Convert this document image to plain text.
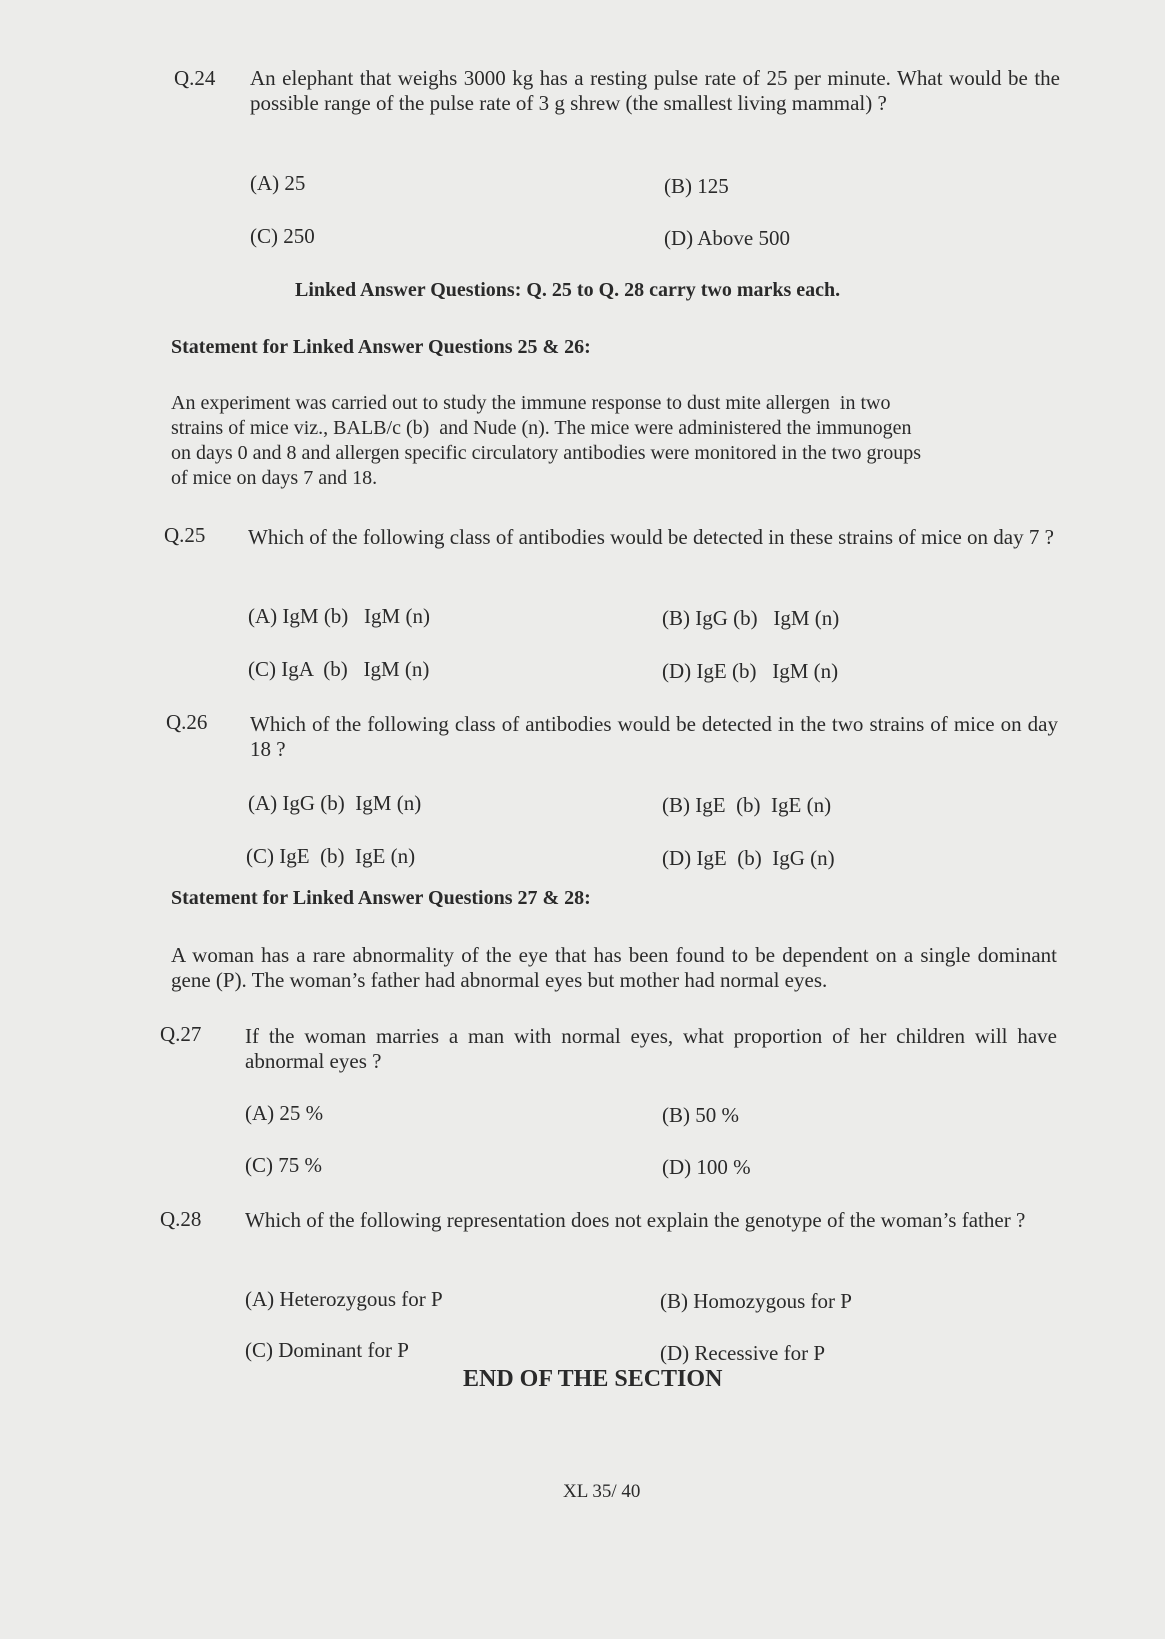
Q.24 An elephant that weighs 3000 kg has a resting pulse rate of 25 per minute. What would be the possible range of the pulse rate of 3 g shrew (the smallest living mammal) ?
(A) 25	(B) 125
(C) 250	(D) Above 500
Linked Answer Questions: Q. 25 to Q. 28 carry two marks each.
Statement for Linked Answer Questions 25 & 26:
An experiment was carried out to study the immune response to dust mite allergen  in two
strains of mice viz., BALB/c (b)  and Nude (n). The mice were administered the immunogen
on days 0 and 8 and allergen specific circulatory antibodies were monitored in the two groups
of mice on days 7 and 18.
Q.25 Which of the following class of antibodies would be detected in these strains of mice on day 7 ?
(A) IgM (b)   IgM (n)	(B) IgG (b)   IgM (n)
(C) IgA  (b)   IgM (n)	(D) IgE (b)   IgM (n)
Q.26 Which of the following class of antibodies would be detected in the two strains of mice on day 18 ?
(A) IgG (b)  IgM (n)	(B) IgE  (b)  IgE (n)
(C) IgE  (b)  IgE (n)	(D) IgE  (b)  IgG (n)
Statement for Linked Answer Questions 27 & 28:
A woman has a rare abnormality of the eye that has been found to be dependent on a single dominant gene (P). The woman’s father had abnormal eyes but mother had normal eyes.
Q.27 If the woman marries a man with normal eyes, what proportion of her children will have abnormal eyes ?
(A) 25 %	(B) 50 %
(C) 75 %	(D) 100 %
Q.28 Which of the following representation does not explain the genotype of the woman’s father ?
(A) Heterozygous for P	(B) Homozygous for P
(C) Dominant for P	(D) Recessive for P
END OF THE SECTION
XL 35/ 40
